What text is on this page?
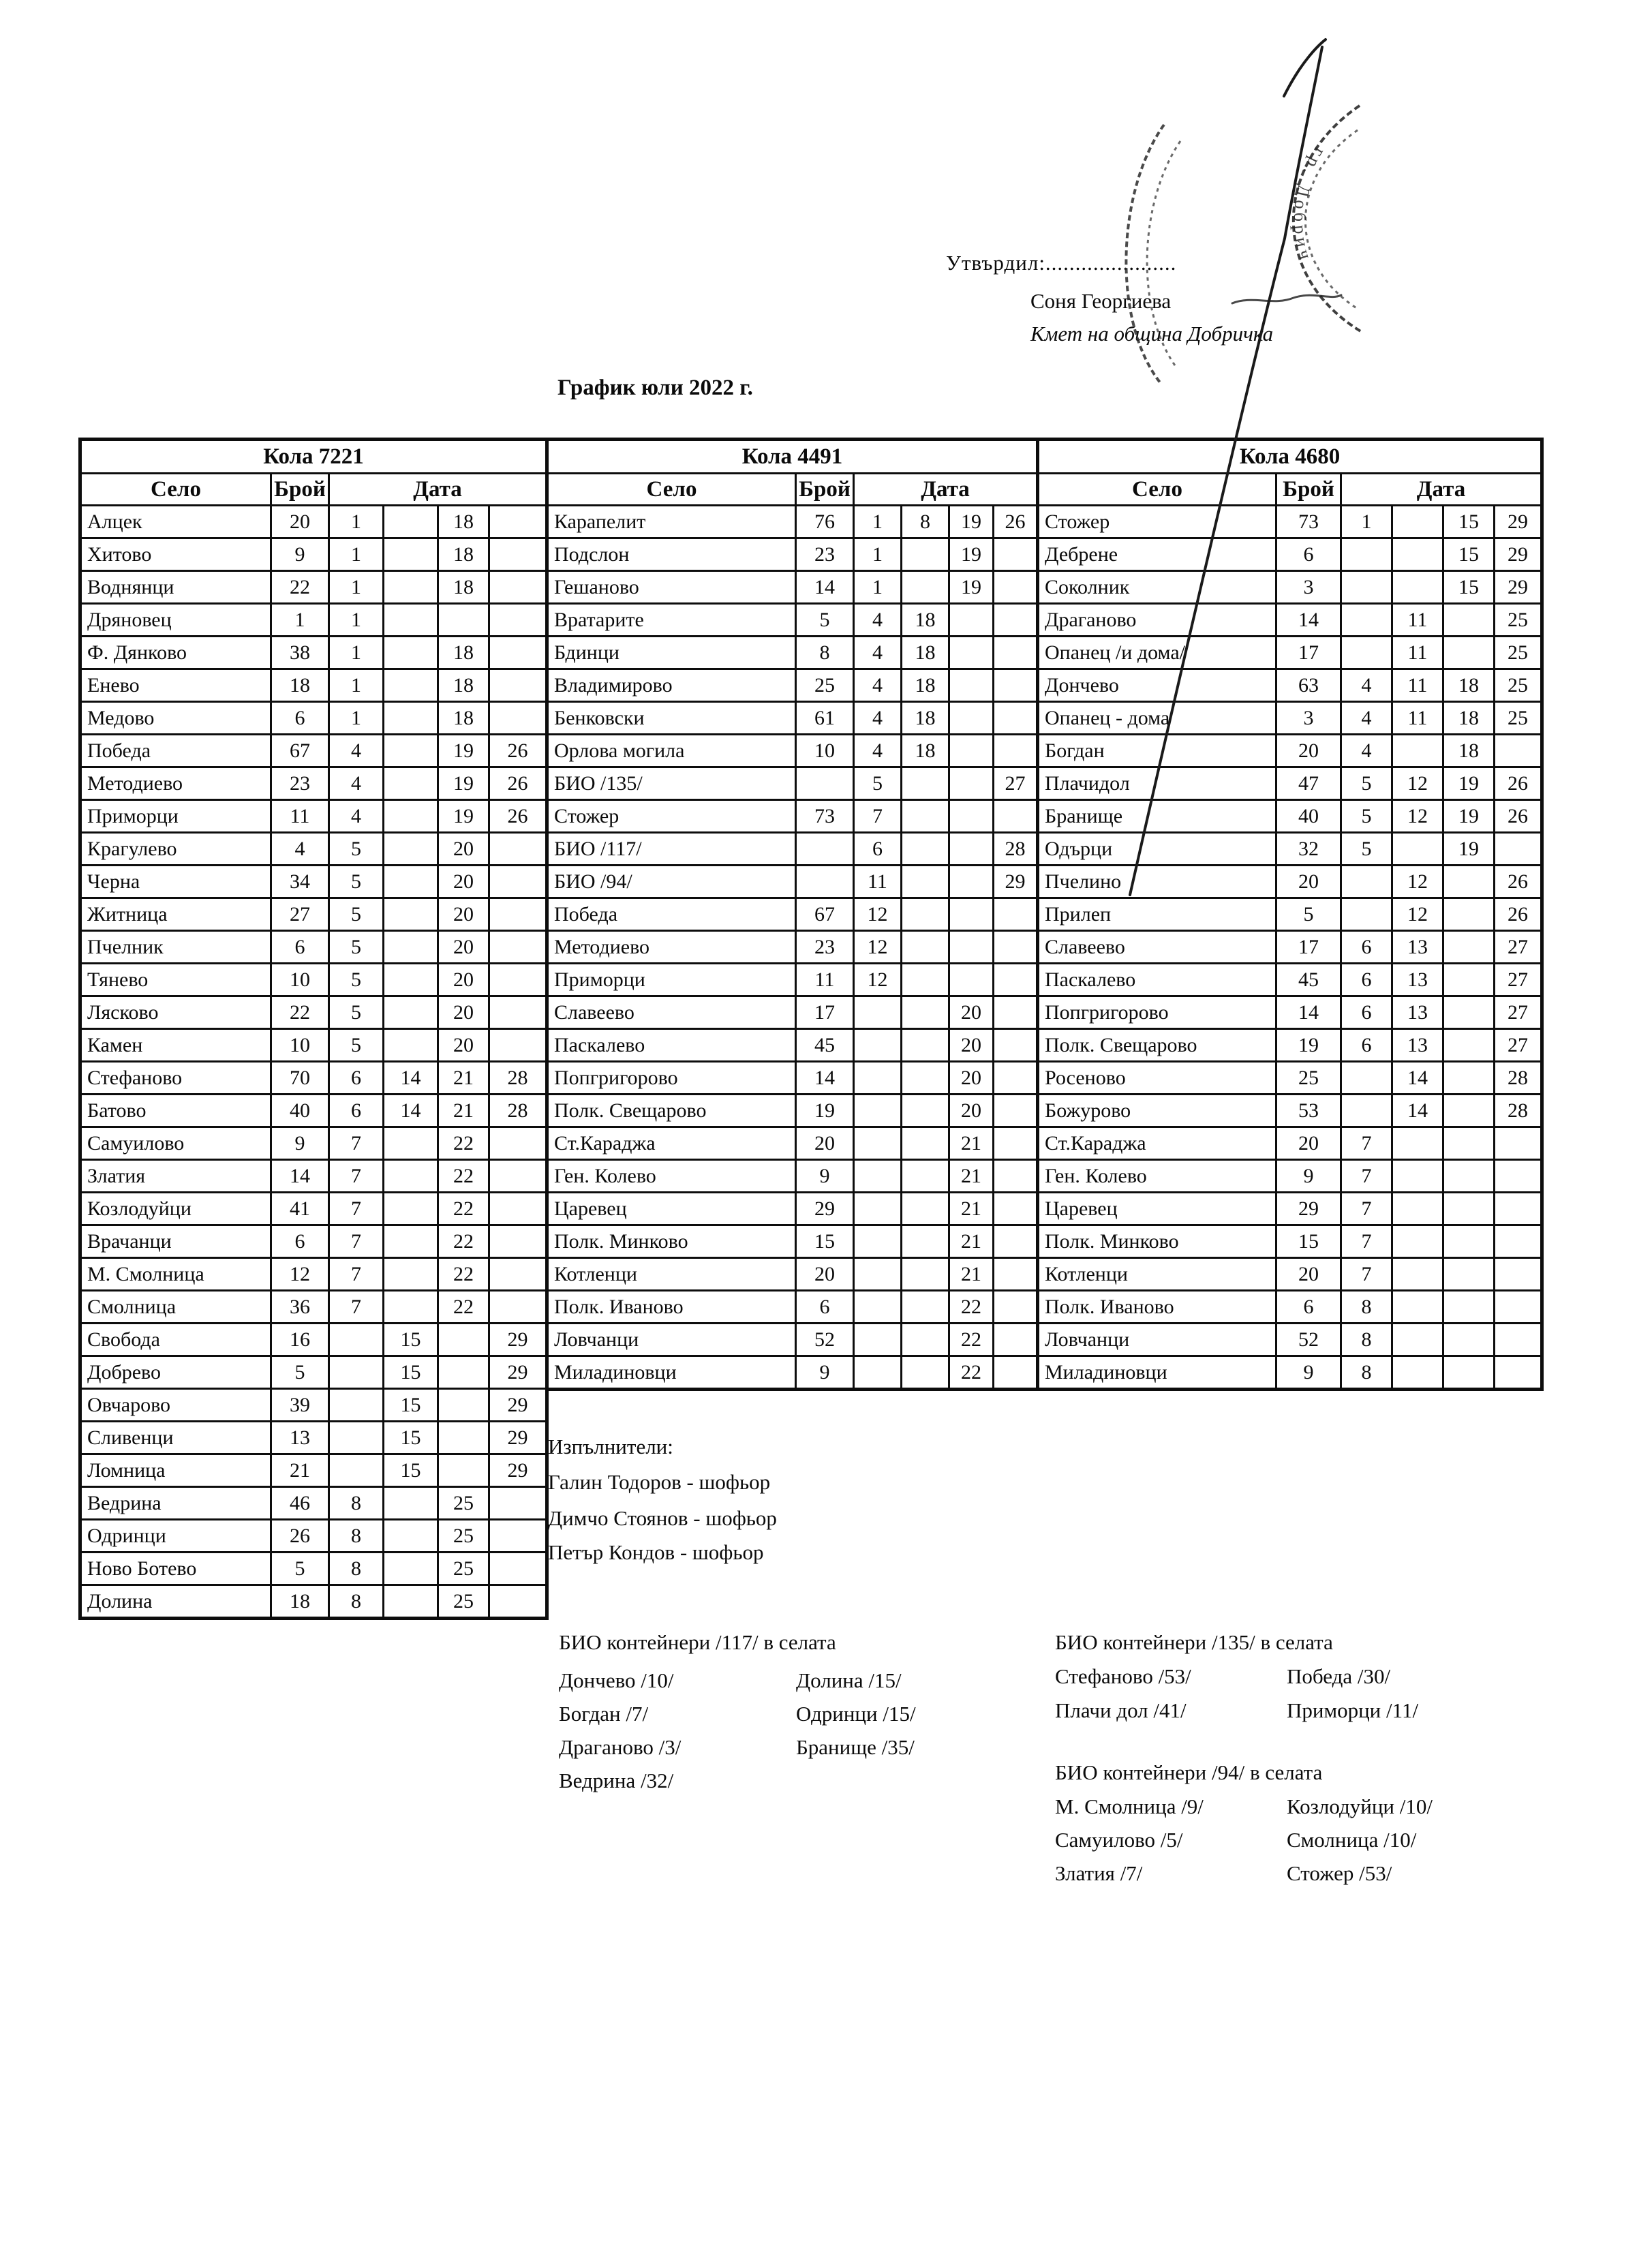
Утвърдил:......................
Соня Георгиева
Кмет на община Добричка
График юли 2022 г.
Кола 7221					
Село	Брой	Дата			
Алцек	20	1		18	
Хитово	9	1		18	
Воднянци	22	1		18	
Дряновец	1	1			
Ф. Дянково	38	1		18	
Енево	18	1		18	
Медово	6	1		18	
Победа	67	4		19	26
Методиево	23	4		19	26
Приморци	11	4		19	26
Крагулево	4	5		20	
Черна	34	5		20	
Житница	27	5		20	
Пчелник	6	5		20	
Тянево	10	5		20	
Лясково	22	5		20	
Камен	10	5		20	
Стефаново	70	6	14	21	28
Батово	40	6	14	21	28
Самуилово	9	7		22	
Златия	14	7		22	
Козлодуйци	41	7		22	
Врачанци	6	7		22	
М. Смолница	12	7		22	
Смолница	36	7		22	
Свобода	16		15		29
Добрево	5		15		29
Овчарово	39		15		29
Сливенци	13		15		29
Ломница	21		15		29
Ведрина	46	8		25	
Одринци	26	8		25	
Ново Ботево	5	8		25	
Долина	18	8		25	
Кола 4491					
Село	Брой	Дата			
Карапелит	76	1	8	19	26
Подслон	23	1		19	
Гешаново	14	1		19	
Вратарите	5	4	18		
Бдинци	8	4	18		
Владимирово	25	4	18		
Бенковски	61	4	18		
Орлова могила	10	4	18		
БИО /135/		5			27
Стожер	73	7			
БИО /117/		6			28
БИО /94/		11			29
Победа	67	12			
Методиево	23	12			
Приморци	11	12			
Славеево	17			20	
Паскалево	45			20	
Попгригорово	14			20	
Полк. Свещарово	19			20	
Ст.Караджа	20			21	
Ген. Колево	9			21	
Царевец	29			21	
Полк. Минково	15			21	
Котленци	20			21	
Полк. Иваново	6			22	
Ловчанци	52			22	
Миладиновци	9			22	
Кола 4680					
Село	Брой	Дата			
Стожер	73	1		15	29
Дебрене	6			15	29
Соколник	3			15	29
Драганово	14		11		25
Опанец /и дома/	17		11		25
Дончево	63	4	11	18	25
Опанец - дома	3	4	11	18	25
Богдан	20	4		18	
Плачидол	47	5	12	19	26
Бранище	40	5	12	19	26
Одърци	32	5		19	
Пчелино	20		12		26
Прилеп	5		12		26
Славеево	17	6	13		27
Паскалево	45	6	13		27
Попгригорово	14	6	13		27
Полк. Свещарово	19	6	13		27
Росеново	25		14		28
Божурово	53		14		28
Ст.Караджа	20	7			
Ген. Колево	9	7			
Царевец	29	7			
Полк. Минково	15	7			
Котленци	20	7			
Полк. Иваново	6	8			
Ловчанци	52	8			
Миладиновци	9	8			
Изпълнители:
Галин Тодоров - шофьор
Димчо Стоянов - шофьор
Петър Кондов - шофьор
БИО контейнери /117/ в селата
Дончево /10/
Богдан /7/
Драганово /3/
Ведрина /32/
Долина /15/
Одринци /15/
Бранище /35/
БИО контейнери /135/ в селата
Стефаново /53/
Плачи дол /41/
Победа /30/
Приморци /11/
БИО контейнери /94/ в селата
М. Смолница /9/
Самуилово /5/
Златия /7/
Козлодуйци /10/
Смолница /10/
Стожер /53/
гр. Добрич
